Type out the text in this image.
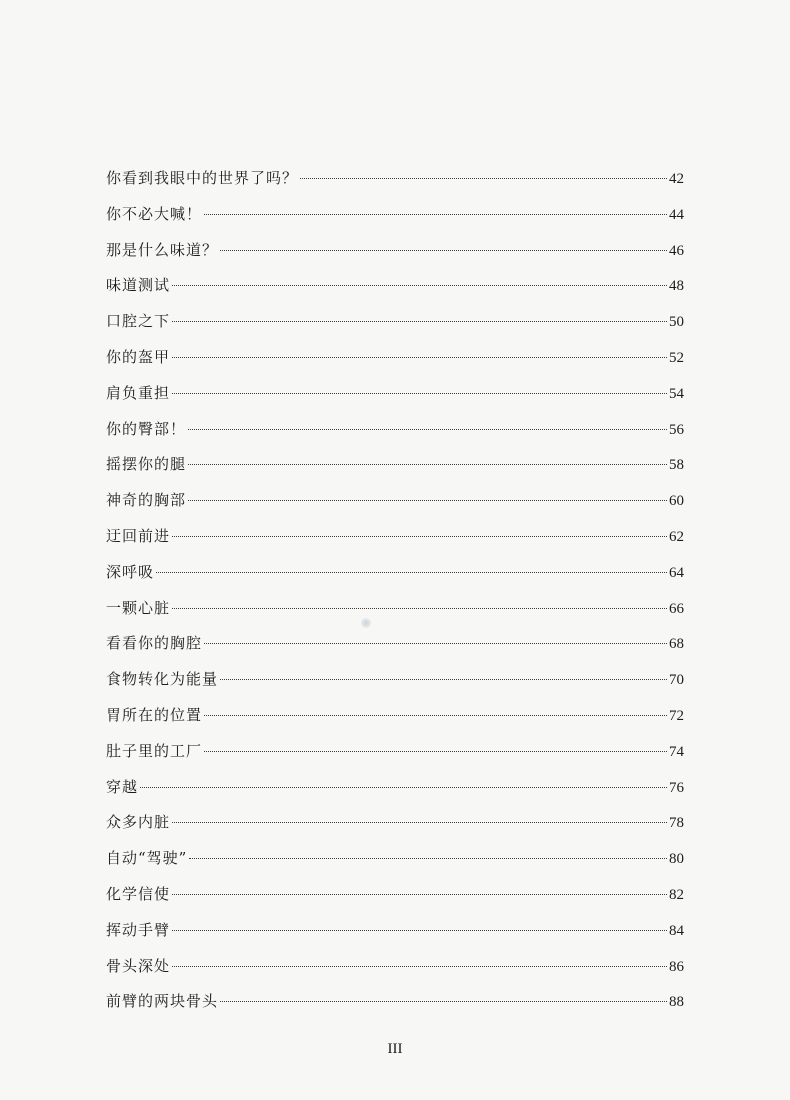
你看到我眼中的世界了吗？	42
你不必大喊！	44
那是什么味道？	46
味道测试	48
口腔之下	50
你的盔甲	52
肩负重担	54
你的臀部！	56
摇摆你的腿	58
神奇的胸部	60
迂回前进	62
深呼吸	64
一颗心脏	66
看看你的胸腔	68
食物转化为能量	70
胃所在的位置	72
肚子里的工厂	74
穿越	76
众多内脏	78
自动“驾驶”	80
化学信使	82
挥动手臂	84
骨头深处	86
前臂的两块骨头	88
III
